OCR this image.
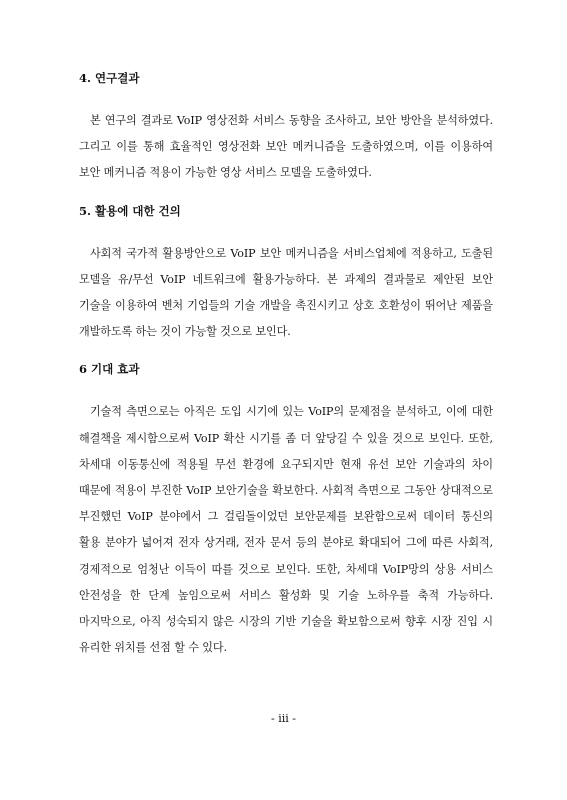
4. 연구결과

본 연구의 결과로 VoIP 영상전화 서비스 동향을 조사하고, 보안 방안을 분석하였다. 그리고 이를 통해 효율적인 영상전화 보안 메커니즘을 도출하였으며, 이를 이용하여 보안 메커니즘 적용이 가능한 영상 서비스 모델을 도출하였다.

5. 활용에 대한 건의

사회적 국가적 활용방안으로 VoIP 보안 메커니즘을 서비스업체에 적용하고, 도출된 모델을 유/무선 VoIP 네트워크에 활용가능하다. 본 과제의 결과물로 제안된 보안 기술을 이용하여 벤처 기업들의 기술 개발을 촉진시키고 상호 호환성이 뛰어난 제품을 개발하도록 하는 것이 가능할 것으로 보인다.

6 기대 효과

기술적 측면으로는 아직은 도입 시기에 있는 VoIP의 문제점을 분석하고, 이에 대한 해결책을 제시함으로써 VoIP 확산 시기를 좀 더 앞당길 수 있을 것으로 보인다. 또한, 차세대 이동통신에 적용될 무선 환경에 요구되지만 현재 유선 보안 기술과의 차이 때문에 적용이 부진한 VoIP 보안기술을 확보한다. 사회적 측면으로 그동안 상대적으로 부진했던 VoIP 분야에서 그 걸림돌이었던 보안문제를 보완함으로써 데이터 통신의 활용 분야가 넓어져 전자 상거래, 전자 문서 등의 분야로 확대되어 그에 따른 사회적, 경제적으로 엄청난 이득이 따를 것으로 보인다. 또한, 차세대 VoIP망의 상용 서비스 안전성을 한 단계 높임으로써 서비스 활성화 및 기술 노하우를 축적 가능하다. 마지막으로, 아직 성숙되지 않은 시장의 기반 기술을 확보함으로써 향후 시장 진입 시 유리한 위치를 선점 할 수 있다.

- iii -
